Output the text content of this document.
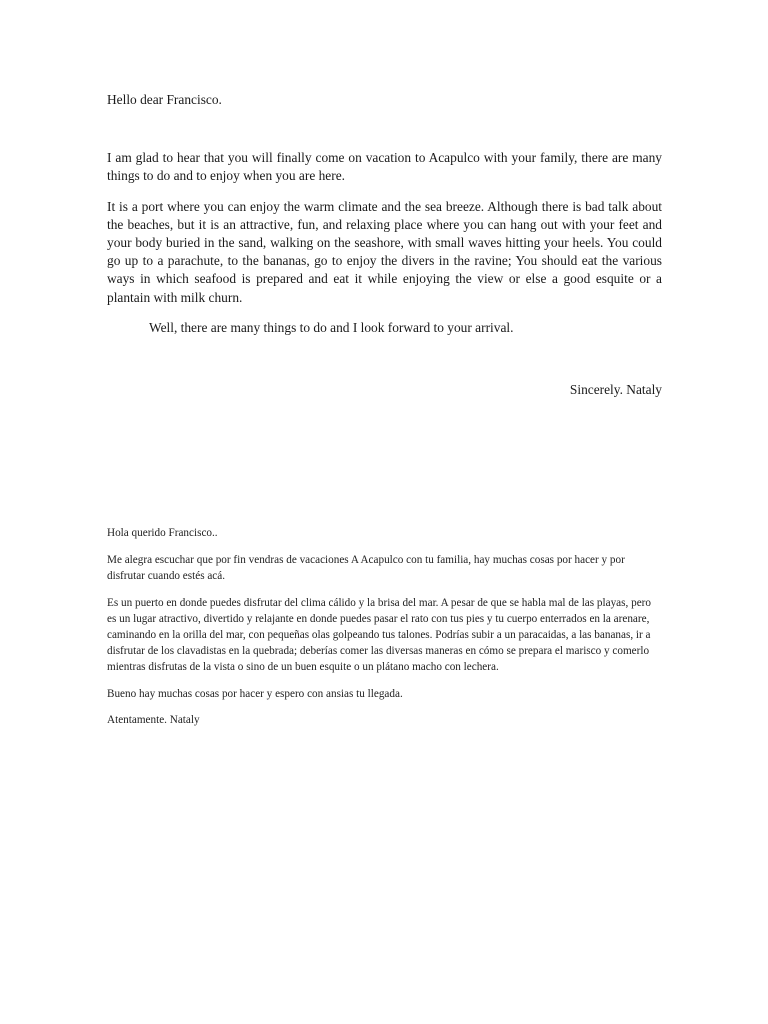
Hello dear Francisco.

I am glad to hear that you will finally come on vacation to Acapulco with your family, there are many things to do and to enjoy when you are here.

It is a port where you can enjoy the warm climate and the sea breeze. Although there is bad talk about the beaches, but it is an attractive, fun, and relaxing place where you can hang out with your feet and your body buried in the sand, walking on the seashore, with small waves hitting your heels. You could go up to a parachute, to the bananas, go to enjoy the divers in the ravine; You should eat the various ways in which seafood is prepared and eat it while enjoying the view or else a good esquite or a plantain with milk churn.

Well, there are many things to do and I look forward to your arrival.

Sincerely. Nataly

Hola querido Francisco..

Me alegra escuchar que por fin vendras de vacaciones A Acapulco con tu familia, hay muchas cosas por hacer y por disfrutar cuando estés acá.

Es un puerto en donde puedes disfrutar del clima cálido y la brisa del mar. A pesar de que se habla mal de las playas, pero es un lugar atractivo, divertido y relajante en donde puedes pasar el rato con tus pies y tu cuerpo enterrados en la arenare, caminando en la orilla del mar, con pequeñas olas golpeando tus talones. Podrías subir a un paracaidas, a las bananas, ir a disfrutar de los clavadistas en la quebrada; deberías comer las diversas maneras en cómo se prepara el marisco y comerlo mientras disfrutas de la vista o sino de un buen esquite o un plátano macho con lechera.

Bueno hay muchas cosas por hacer y espero con ansias tu llegada.

Atentamente. Nataly
